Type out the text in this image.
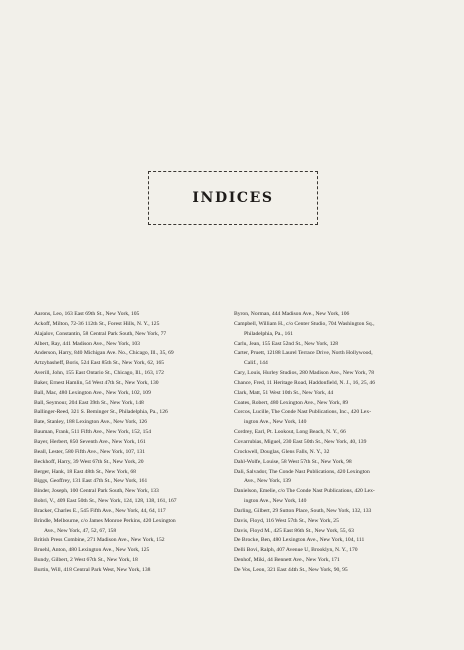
INDICES
Aarons, Leo, 163 East 69th St., New York, 105
Ackoff, Milton, 72-36 112th St., Forest Hills, N. Y., 125
Alajalov, Constantin, 58 Central Park South, New York, 77
Albert, Ray, 441 Madison Ave., New York, 103
Anderson, Harry, 840 Michigan Ave. No., Chicago, Ill., 35, 69
Artzybasheff, Boris, 524 East 85th St., New York, 62, 165
Averill, John, 155 East Ontario St., Chicago, Ill., 163, 172
Baker, Ernest Hamlin, 54 West 47th St., New York, 130
Ball, Mac, 480 Lexington Ave., New York, 102, 109
Ball, Seymour, 204 East 39th St., New York, 148
Ballinger-Reed, 321 S. Beminger St., Philadelphia, Pa., 126
Bate, Stanley, 188 Lexington Ave., New York, 126
Bauman, Frank, 511 Fifth Ave., New York, 152, 154
Bayer, Herbert, 850 Seventh Ave., New York, 161
Beall, Lester, 580 Fifth Ave., New York, 107, 131
Beckhoff, Harry, 39 West 67th St., New York, 20
Berger, Hank, 18 East 48th St., New York, 68
Biggs, Geoffrey, 131 East 47th St., New York, 161
Binder, Joseph, 100 Central Park South, New York, 133
Bobri, V., 409 East 50th St., New York, 124, 128, 138, 161, 167
Bracker, Charles E., 545 Fifth Ave., New York, 44, 64, 117
Brindle, Melbourne, c/o James Monroe Perkins, 420 Lexington
Ave., New York, 47, 52, 67, 158
British Press Combine, 271 Madison Ave., New York, 152
Bruehl, Anton, 480 Lexington Ave., New York, 125
Bundy, Gilbert, 2 West 67th St., New York, 18
Burtin, Will, 418 Central Park West, New York, 138
Byron, Norman, 444 Madison Ave., New York, 106
Campbell, William H., c/o Center Studio, 704 Washington Sq.,
Philadelphia, Pa., 161
Carlu, Jean, 155 East 52nd St., New York, 128
Carter, Pruett, 12188 Laurel Terrace Drive, North Hollywood,
Calif., 144
Cary, Louis, Hurley Studios, 280 Madison Ave., New York, 78
Chance, Fred, 11 Heritage Road, Haddonfield, N. J., 16, 25, 46
Clark, Matt, 51 West 10th St., New York, 44
Coates, Robert, 480 Lexington Ave., New York, 89
Corcos, Lucille, The Conde Nast Publications, Inc., 420 Lex-
ington Ave., New York, 140
Cordrey, Earl, Pt. Lookout, Long Beach, N. Y., 66
Covarrubias, Miguel, 230 East 50th St., New York, 40, 139
Crockwell, Douglas, Glens Falls, N. Y., 32
Dahl-Wolfe, Louise, 58 West 57th St., New York, 98
Dali, Salvador, The Conde Nast Publications, 420 Lexington
Ave., New York, 139
Danielson, Emelie, c/o The Conde Nast Publications, 420 Lex-
ington Ave., New York, 140
Darling, Gilbert, 29 Sutton Place, South, New York, 132, 133
Davis, Floyd, 116 West 57th St., New York, 25
Davis, Floyd M., 425 East 86th St., New York, 55, 63
De Brocke, Ben, 480 Lexington Ave., New York, 104, 111
Delli Bovi, Ralph, 407 Avenue U, Brooklyn, N. Y., 170
Denhof, Miki, 44 Bennett Ave., New York, 171
De Vos, Leon, 321 East 44th St., New York, 90, 95
